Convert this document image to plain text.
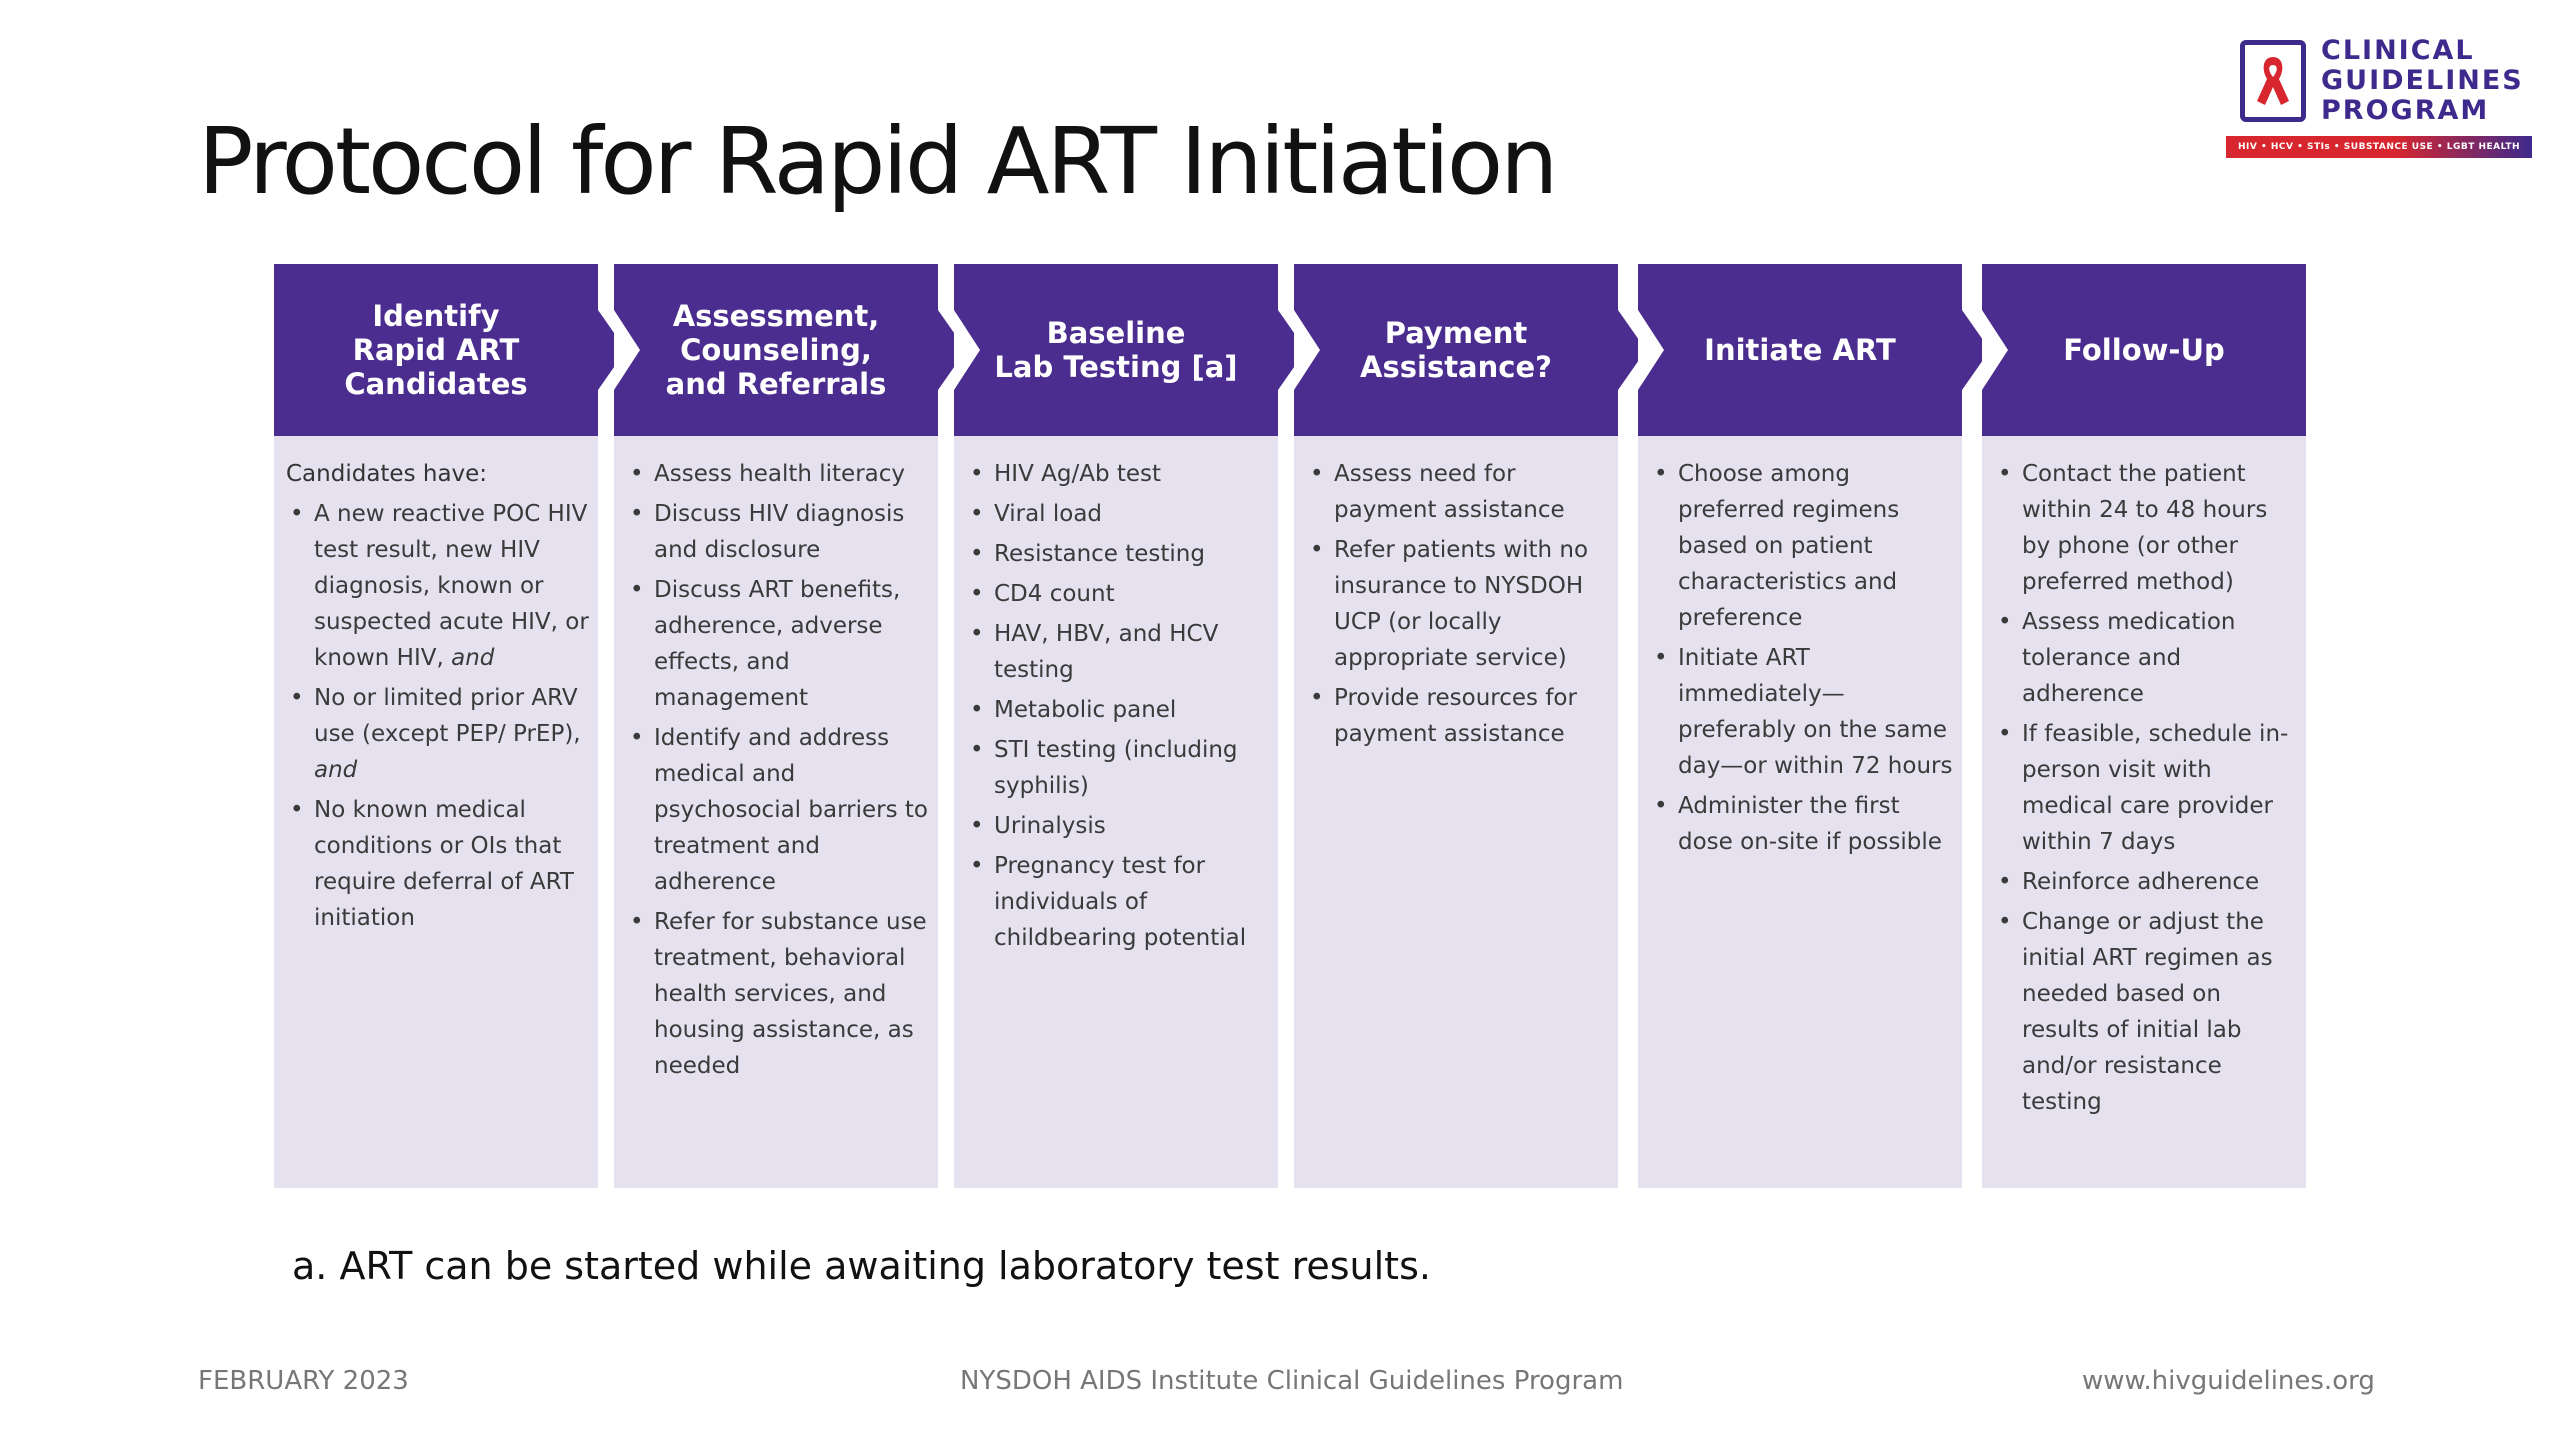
Protocol for Rapid ART Initiation
CLINICAL
GUIDELINES
PROGRAM
HIV • HCV • STIs • SUBSTANCE USE • LGBT HEALTH
Identify
Rapid ART
Candidates
Candidates have:
• A new reactive POC HIV test result, new HIV diagnosis, known or suspected acute HIV, or known HIV, and
• No or limited prior ARV use (except PEP/ PrEP), and
• No known medical conditions or OIs that require deferral of ART initiation
Assessment,
Counseling,
and Referrals
• Assess health literacy
• Discuss HIV diagnosis and disclosure
• Discuss ART benefits, adherence, adverse effects, and management
• Identify and address medical and psychosocial barriers to treatment and adherence
• Refer for substance use treatment, behavioral health services, and housing assistance, as needed
Baseline
Lab Testing [a]
• HIV Ag/Ab test
• Viral load
• Resistance testing
• CD4 count
• HAV, HBV, and HCV testing
• Metabolic panel
• STI testing (including syphilis)
• Urinalysis
• Pregnancy test for individuals of childbearing potential
Payment
Assistance?
• Assess need for payment assistance
• Refer patients with no insurance to NYSDOH UCP (or locally appropriate service)
• Provide resources for payment assistance
Initiate ART
• Choose among preferred regimens based on patient characteristics and preference
• Initiate ART immediately—preferably on the same day—or within 72 hours
• Administer the first dose on-site if possible
Follow-Up
• Contact the patient within 24 to 48 hours by phone (or other preferred method)
• Assess medication tolerance and adherence
• If feasible, schedule in-person visit with medical care provider within 7 days
• Reinforce adherence
• Change or adjust the initial ART regimen as needed based on results of initial lab and/or resistance testing
a. ART can be started while awaiting laboratory test results.
FEBRUARY 2023	NYSDOH AIDS Institute Clinical Guidelines Program	www.hivguidelines.org
